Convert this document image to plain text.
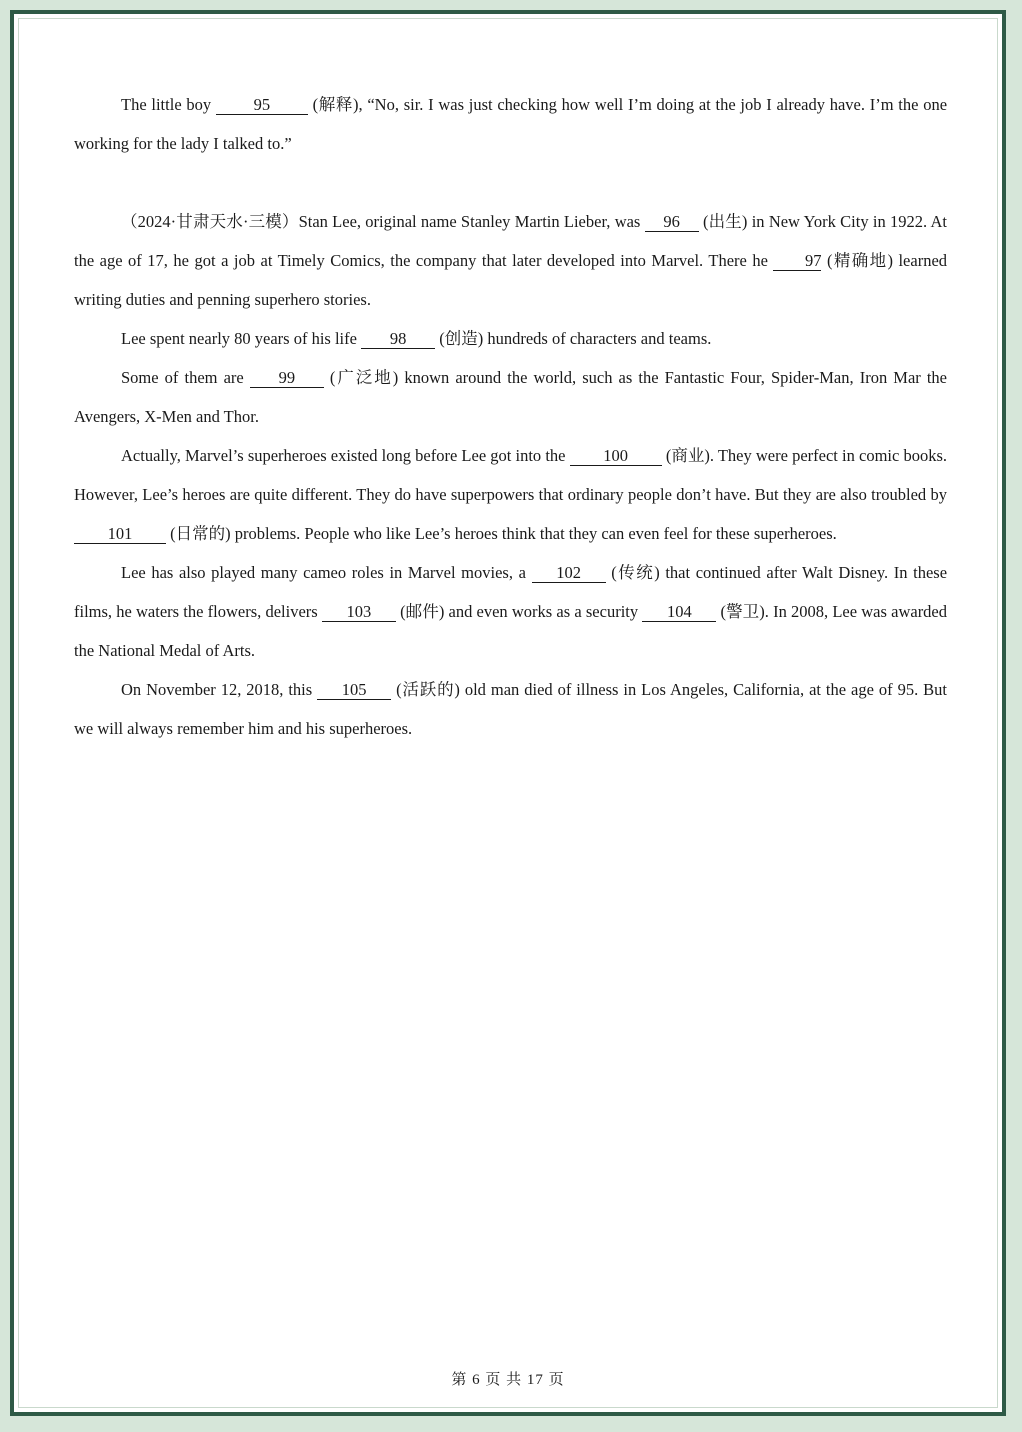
The little boy	95	(解释), “No, sir. I was just checking how well I’m doing at the job I already have. I’m the one working for the lady I talked to.”

（2024·甘肃天水·三模）Stan Lee, original name Stanley Martin Lieber, was 96 (出生) in New York City in 1922. At the age of 17, he got a job at Timely Comics, the company that later developed into Marvel. There he 97 (精确地) learned writing duties and penning superhero stories.

Lee spent nearly 80 years of his life 98 (创造) hundreds of characters and teams.

Some of them are 99 (广泛地) known around the world, such as the Fantastic Four, Spider-Man, Iron Mar the Avengers, X-Men and Thor.

Actually, Marvel’s superheroes existed long before Lee got into the 100 (商业). They were perfect in comic books. However, Lee’s heroes are quite different. They do have superpowers that ordinary people don’t have. But they are also troubled by 101 (日常的) problems. People who like Lee’s heroes think that they can even feel for these superheroes.

Lee has also played many cameo roles in Marvel movies, a 102 (传统) that continued after Walt Disney. In these films, he waters the flowers, delivers 103 (邮件) and even works as a security 104 (警卫). In 2008, Lee was awarded the National Medal of Arts.

On November 12, 2018, this 105 (活跃的) old man died of illness in Los Angeles, California, at the age of 95. But we will always remember him and his superheroes.

第 6 页 共 17 页
